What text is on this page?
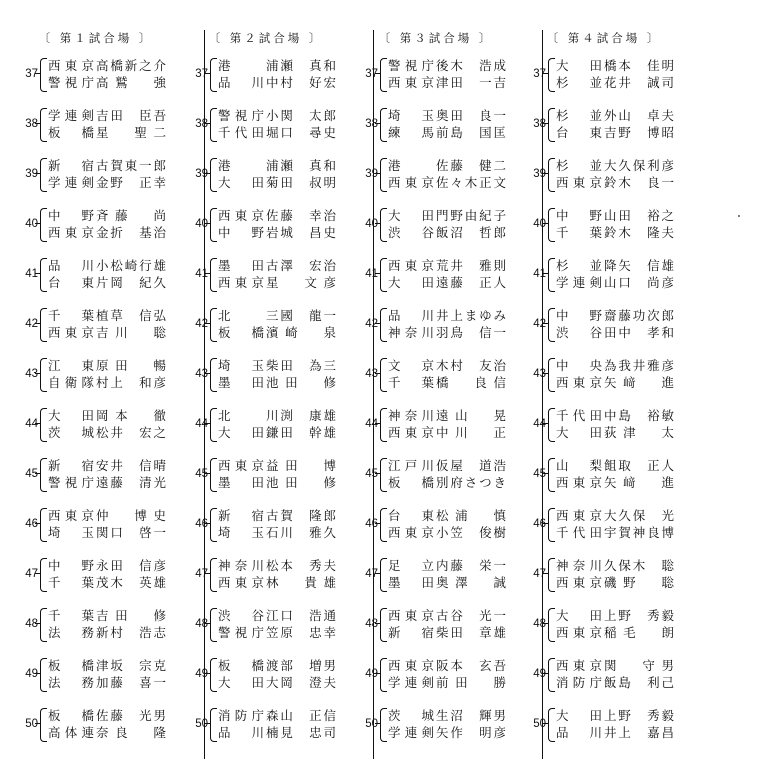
〔 第１試合場 〕
37
西東京 高橋新之介
警視庁 高鷲　強
38
学連剣 吉田　臣吾
板　橋 星　聖二
39
新　宿 古賀東一郎
学連剣 金野　正幸
40
中　野 斉藤　尚
西東京 金折　基治
41
品　川 小松崎行雄
台　東 片岡　紀久
42
千　葉 植草　信弘
西東京 吉川　聡
43
江　東 原田　暢
自衛隊 村上　和彦
44
大　田 岡本　徹
茨　城 松井　宏之
45
新　宿 安井　信晴
警視庁 遠藤　清光
46
西東京 仲　博史
埼　玉 関口　啓一
47
中　野 永田　信彦
千　葉 茂木　英雄
48
千　葉 吉田　修
法　務 新村　浩志
49
板　橋 津坂　宗克
法　務 加藤　喜一
50
板　橋 佐藤　光男
高体連 奈良　隆
〔 第２試合場 〕
37
港	浦瀬　真和
品　川 中村　好宏
38
警視庁 小関　太郎
千代田 堀口　尋史
39
港	浦瀬　真和
大　田 菊田　叔明
40
西東京 佐藤　幸治
中　野 岩城　昌史
41
墨　田 古澤　宏治
西東京 星　文彦
42
北	三國　龍一
板　橋 濱崎　泉
43
埼　玉 柴田　為三
墨　田 池田　修
44
北	川渕　康雄
大　田 鎌田　幹雄
45
西東京 益田　博
墨　田 池田　修
46
新　宿 古賀　隆郎
埼　玉 石川　雅久
47
神奈川 松本　秀夫
西東京 林　貴雄
48
渋　谷 江口　浩通
警視庁 笠原　忠幸
49
板　橋 渡部　増男
大　田 大岡　澄夫
50
消防庁 森山　正信
品　川 楠見　忠司
〔 第３試合場 〕
37
警視庁 後木　浩成
西東京 津田　一吉
38
埼　玉 奥田　良一
練　馬 前島　国匡
39
港	佐藤　健二
西東京 佐々木正文
40
大　田 門野由紀子
渋　谷 飯沼　哲郎
41
西東京 荒井　雅則
大　田 遠藤　正人
42
品　川 井上まゆみ
神奈川 羽鳥　信一
43
文　京 木村　友治
千　葉 橋　良信
44
神奈川 遠山　晃
西東京 中川　正
45
江戸川 仮屋　道浩
板　橋 別府さつき
46
台　東 松浦　慎
西東京 小笠　俊樹
47
足　立 内藤　栄一
墨　田 奥澤　誠
48
西東京 古谷　光一
新　宿 柴田　章雄
49
西東京 阪本　玄吾
学連剣 前田　勝
50
茨　城 生沼　輝男
学連剣 矢作　明彦
〔 第４試合場 〕
37
大　田 橋本　佳明
杉　並 花井　誠司
38
杉　並 外山　卓夫
台　東 吉野　博昭
39
杉　並 大久保利彦
西東京 鈴木　良一
40
中　野 山田　裕之
千　葉 鈴木　隆夫
41
杉　並 降矢　信雄
学連剣 山口　尚彦
42
中　野 齋藤功次郎
渋　谷 田中　孝和
43
中　央 為我井雅彦
西東京 矢﨑　進
44
千代田 中島　裕敏
大　田 荻津　太
45
山　梨 飷取　正人
西東京 矢﨑　進
46
西東京 大久保　光
千代田 宇賀神良博
47
神奈川 久保木　聡
西東京 磯野　聡
48
大　田 上野　秀毅
西東京 稲毛　朗
49
西東京 関　守男
消防庁 飯島　利己
50
大　田 上野　秀毅
品　川 井上　嘉昌
